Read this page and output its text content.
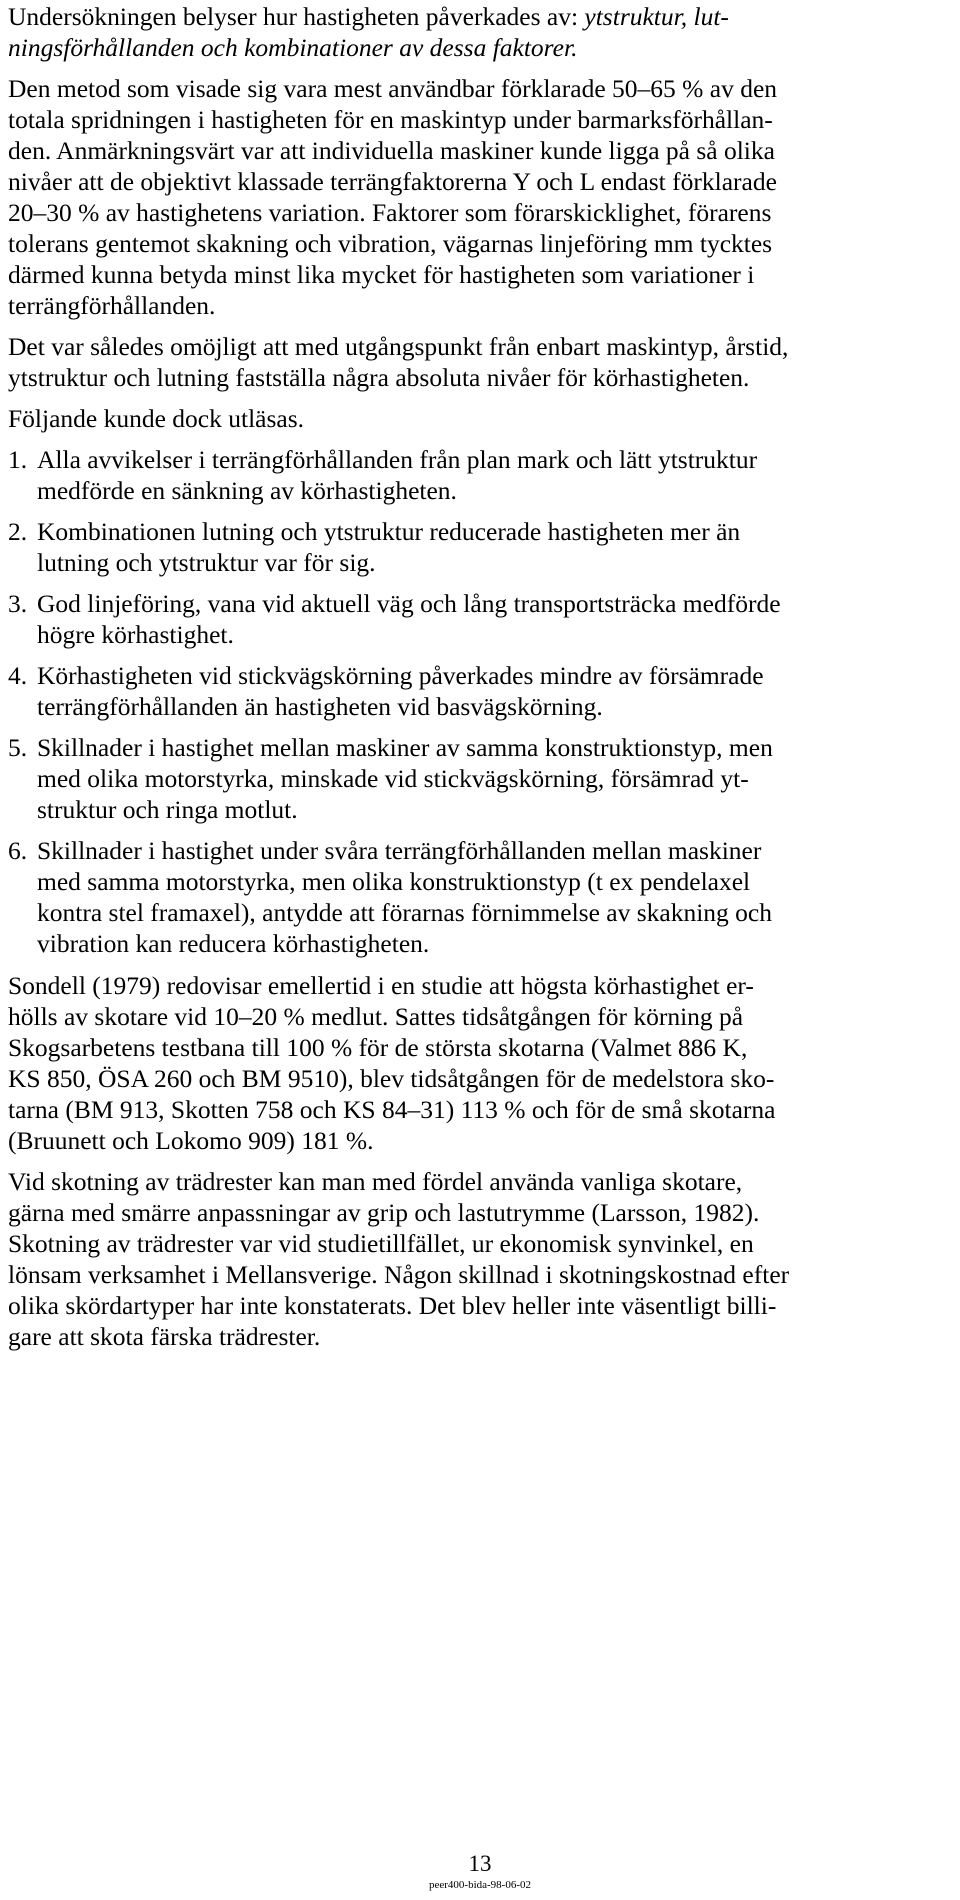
Undersökningen belyser hur hastigheten påverkades av: ytstruktur, lut-
ningsförhållanden och kombinationer av dessa faktorer.

Den metod som visade sig vara mest användbar förklarade 50–65 % av den
totala spridningen i hastigheten för en maskintyp under barmarksförhållan-
den. Anmärkningsvärt var att individuella maskiner kunde ligga på så olika
nivåer att de objektivt klassade terrängfaktorerna Y och L endast förklarade
20–30 % av hastighetens variation. Faktorer som förarskicklighet, förarens
tolerans gentemot skakning och vibration, vägarnas linjeföring mm tycktes
därmed kunna betyda minst lika mycket för hastigheten som variationer i
terrängförhållanden.

Det var således omöjligt att med utgångspunkt från enbart maskintyp, årstid,
ytstruktur och lutning fastställa några absoluta nivåer för körhastigheten.

Följande kunde dock utläsas.

1. Alla avvikelser i terrängförhållanden från plan mark och lätt ytstruktur
medförde en sänkning av körhastigheten.
2. Kombinationen lutning och ytstruktur reducerade hastigheten mer än
lutning och ytstruktur var för sig.
3. God linjeföring, vana vid aktuell väg och lång transportsträcka medförde
högre körhastighet.
4. Körhastigheten vid stickvägskörning påverkades mindre av försämrade
terrängförhållanden än hastigheten vid basvägskörning.
5. Skillnader i hastighet mellan maskiner av samma konstruktionstyp, men
med olika motorstyrka, minskade vid stickvägskörning, försämrad yt-
struktur och ringa motlut.
6. Skillnader i hastighet under svåra terrängförhållanden mellan maskiner
med samma motorstyrka, men olika konstruktionstyp (t ex pendelaxel
kontra stel framaxel), antydde att förarnas förnimmelse av skakning och
vibration kan reducera körhastigheten.

Sondell (1979) redovisar emellertid i en studie att högsta körhastighet er-
hölls av skotare vid 10–20 % medlut. Sattes tidsåtgången för körning på
Skogsarbetens testbana till 100 % för de största skotarna (Valmet 886 K,
KS 850, ÖSA 260 och BM 9510), blev tidsåtgången för de medelstora sko-
tarna (BM 913, Skotten 758 och KS 84–31) 113 % och för de små skotarna
(Bruunett och Lokomo 909) 181 %.

Vid skotning av trädrester kan man med fördel använda vanliga skotare,
gärna med smärre anpassningar av grip och lastutrymme (Larsson, 1982).
Skotning av trädrester var vid studietillfället, ur ekonomisk synvinkel, en
lönsam verksamhet i Mellansverige. Någon skillnad i skotningskostnad efter
olika skördartyper har inte konstaterats. Det blev heller inte väsentligt billi-
gare att skota färska trädrester.

13
peer400-bida-98-06-02
